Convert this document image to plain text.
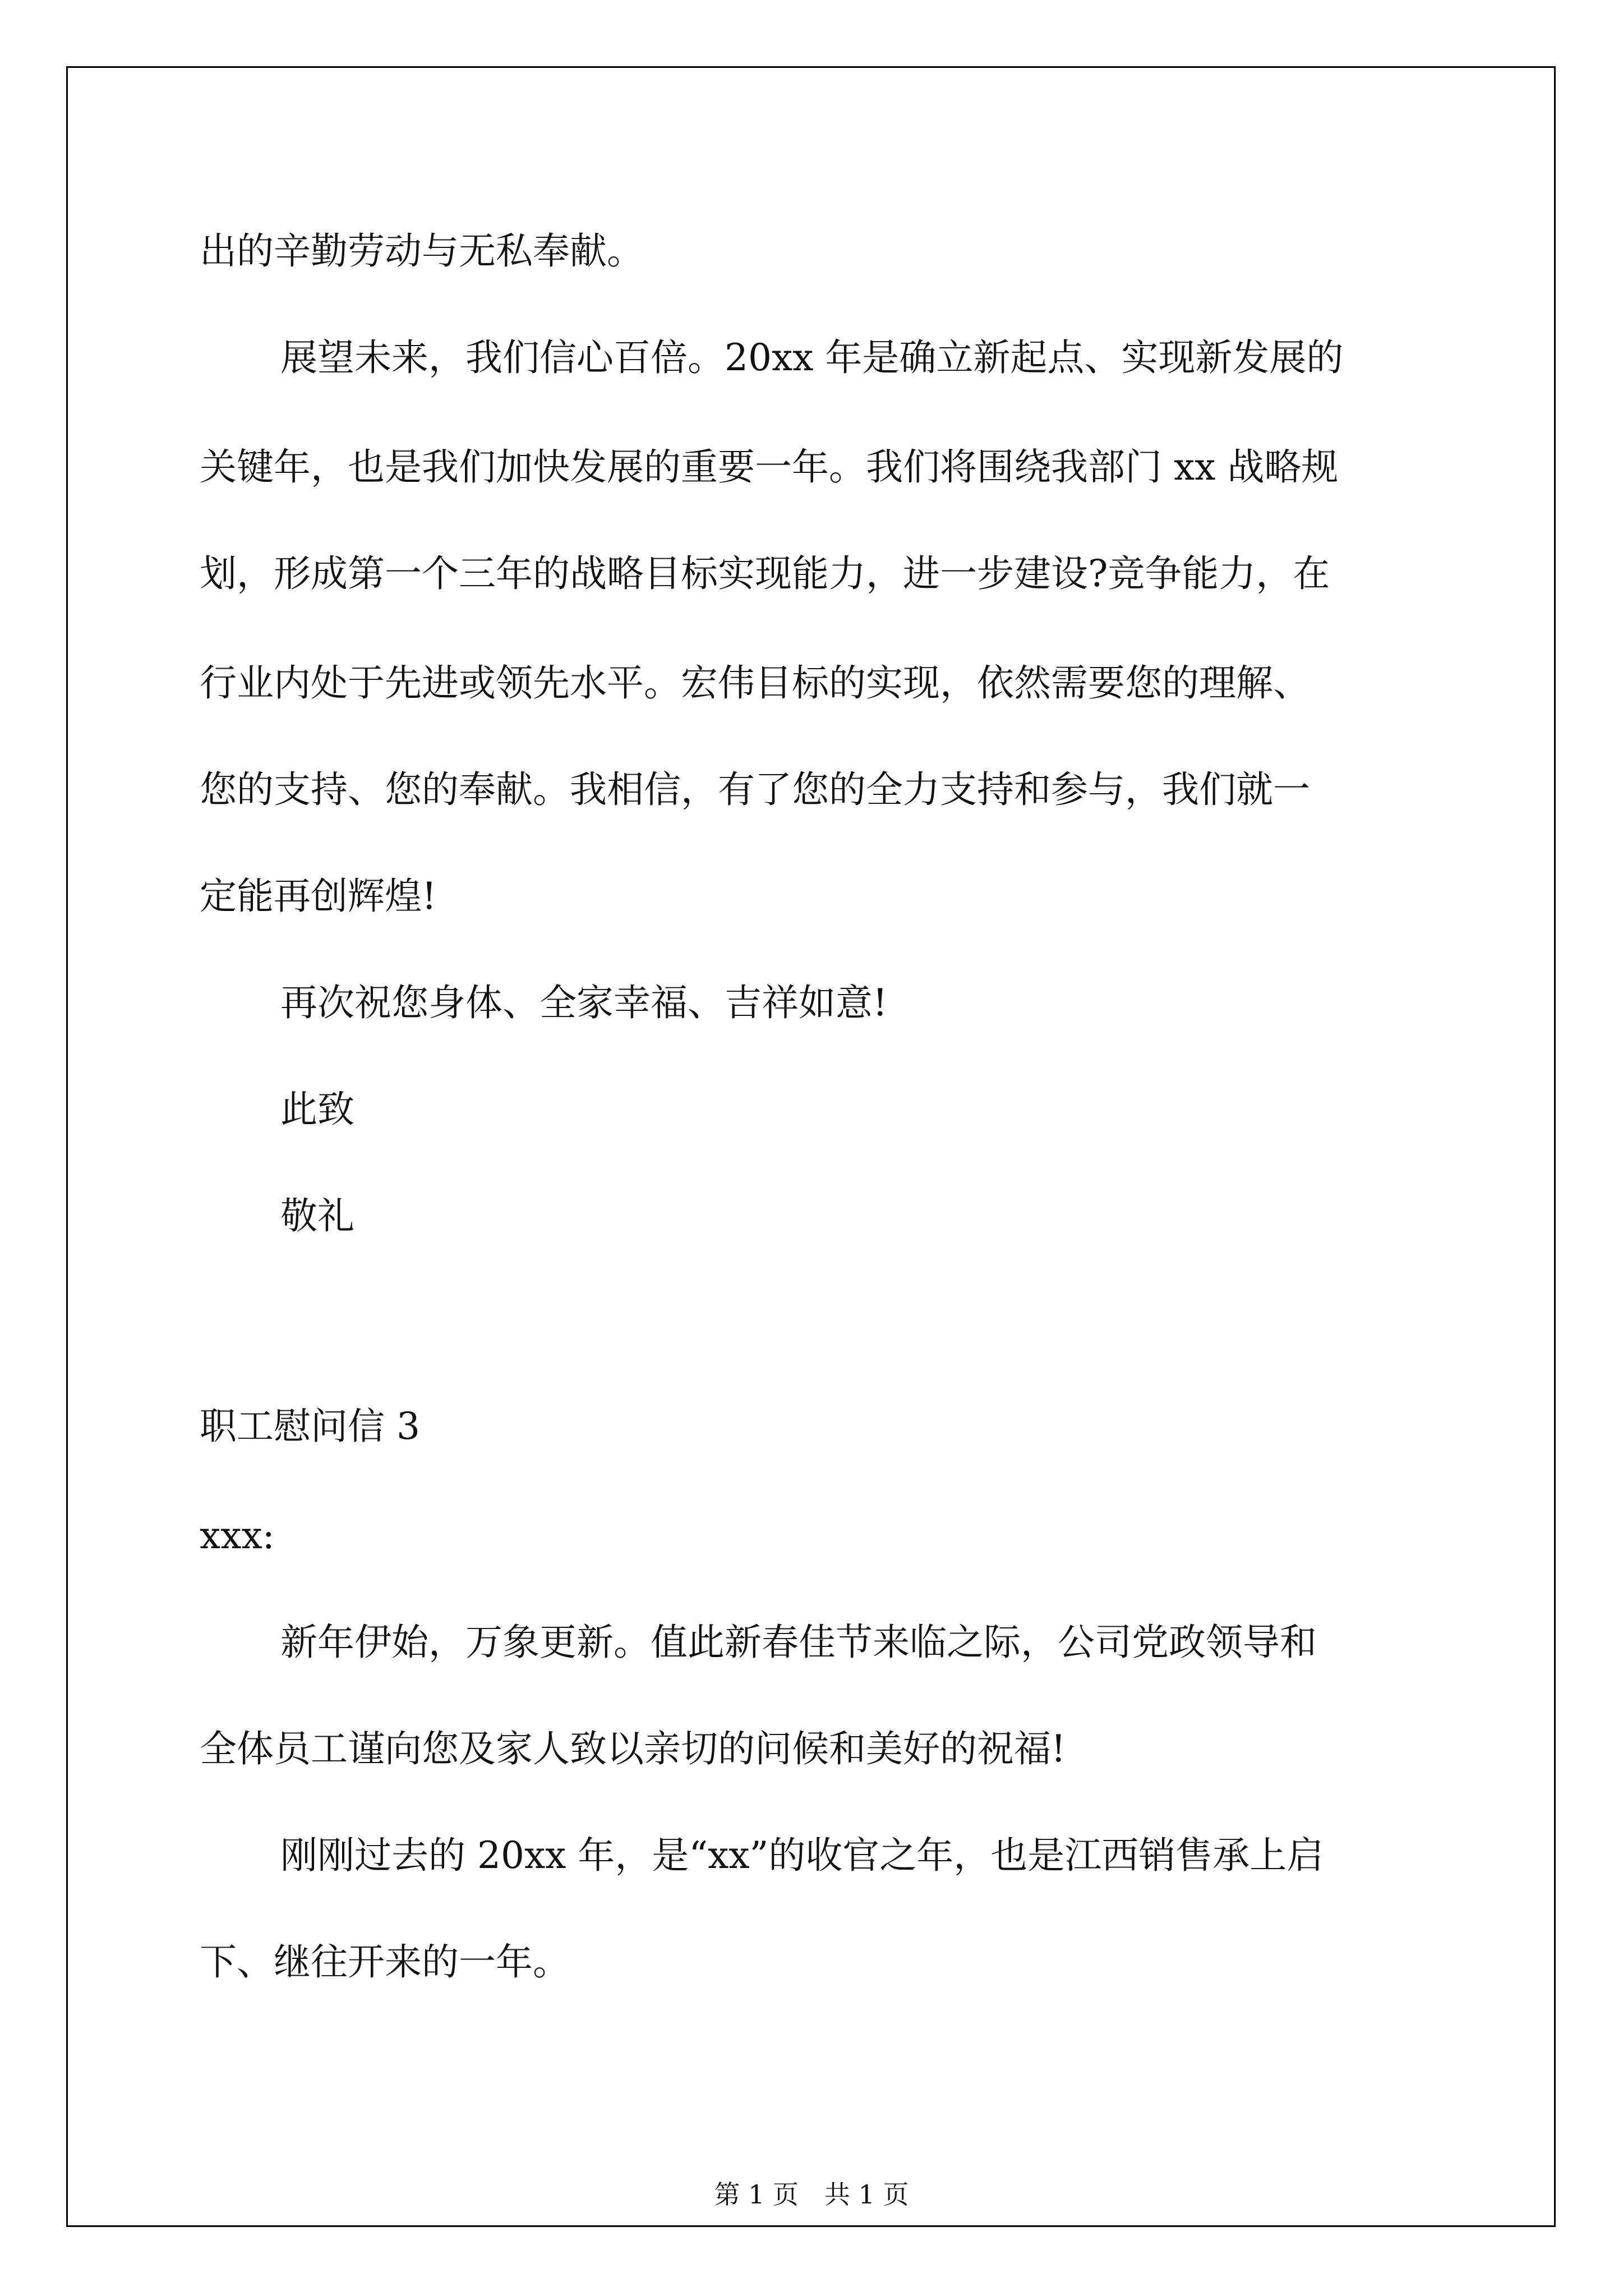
出的辛勤劳动与无私奉献。

展望未来，我们信心百倍。20xx 年是确立新起点、实现新发展的

关键年，也是我们加快发展的重要一年。我们将围绕我部门 xx 战略规

划，形成第一个三年的战略目标实现能力，进一步建设?竞争能力，在

行业内处于先进或领先水平。宏伟目标的实现，依然需要您的理解、

您的支持、您的奉献。我相信，有了您的全力支持和参与，我们就一

定能再创辉煌!

再次祝您身体、全家幸福、吉祥如意!

此致

敬礼

职工慰问信 3

xxx:

新年伊始，万象更新。值此新春佳节来临之际，公司党政领导和

全体员工谨向您及家人致以亲切的问候和美好的祝福!

刚刚过去的 20xx 年，是“xx”的收官之年，也是江西销售承上启

下、继往开来的一年。

第 1 页　共 1 页
